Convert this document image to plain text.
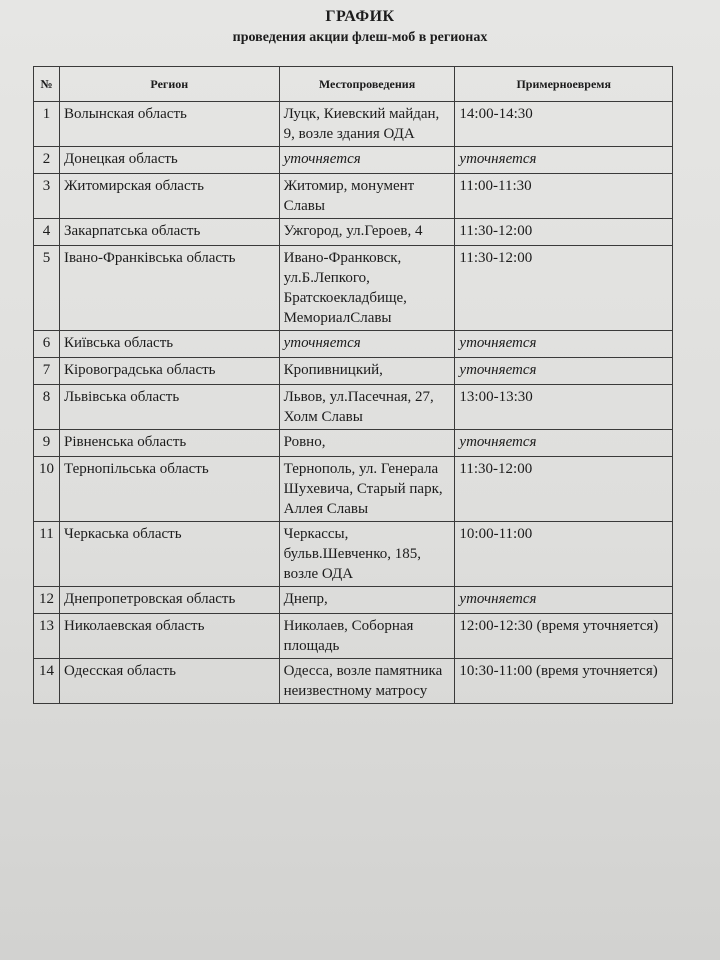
ГРАФИК
проведения акции флеш-моб в регионах
№	Регион	Местопроведения	Примерноевремя
1	Волынская область	Луцк, Киевский майдан, 9, возле здания ОДА	14:00-14:30
2	Донецкая область	уточняется	уточняется
3	Житомирская область	Житомир, монумент Славы	11:00-11:30
4	Закарпатська область	Ужгород, ул.Героев, 4	11:30-12:00
5	Івано-Франківська область	Ивано-Франковск, ул.Б.Лепкого, Братскоекладбище, МемориалСлавы	11:30-12:00
6	Київська область	уточняется	уточняется
7	Кіровоградська область	Кропивницкий,	уточняется
8	Львівська область	Львов, ул.Пасечная, 27, Холм Славы	13:00-13:30
9	Рівненська область	Ровно,	уточняется
10	Тернопільська область	Тернополь, ул. Генерала Шухевича, Старый парк, Аллея Славы	11:30-12:00
11	Черкаська область	Черкассы, бульв.Шевченко, 185, возле ОДА	10:00-11:00
12	Днепропетровская область	Днепр,	уточняется
13	Николаевская область	Николаев, Соборная площадь	12:00-12:30 (время уточняется)
14	Одесская область	Одесса, возле памятника неизвестному матросу	10:30-11:00 (время уточняется)
